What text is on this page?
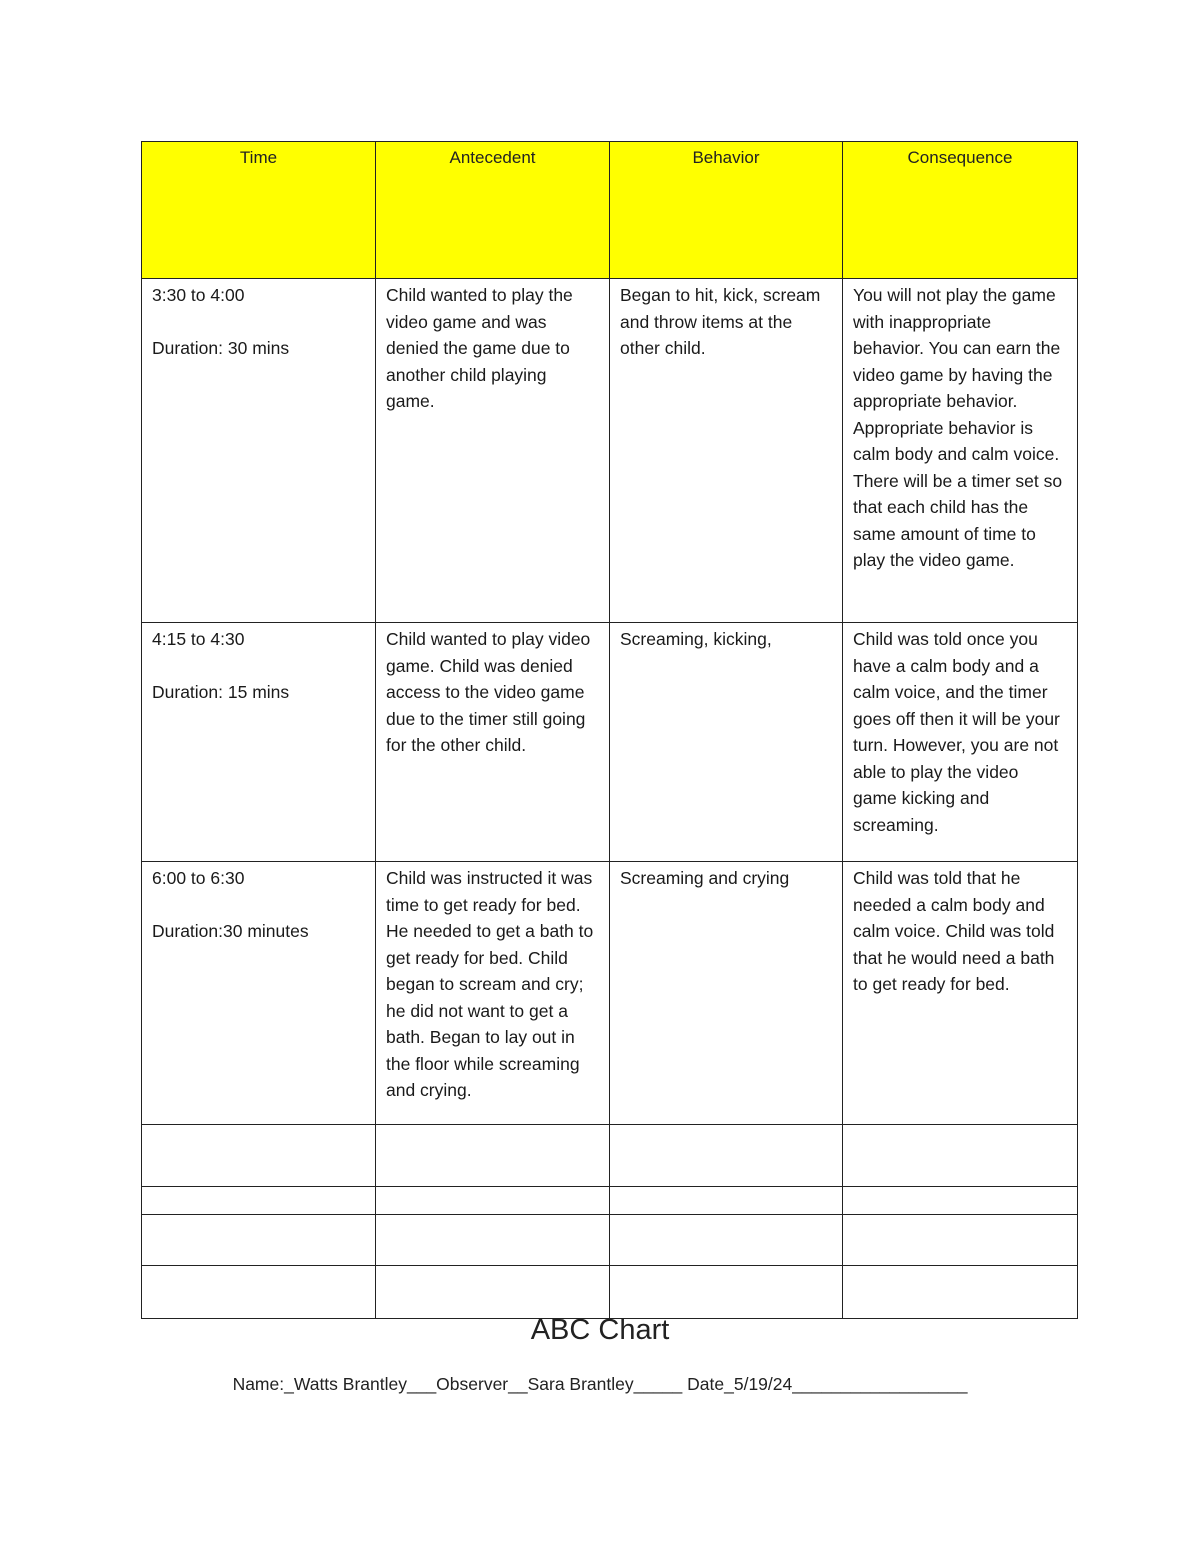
Time	Antecedent	Behavior	Consequence

3:30 to 4:00
Duration: 30 mins	Child wanted to play the video game and was denied the game due to another child playing game.	Began to hit, kick, scream and throw items at the other child.	You will not play the game with inappropriate behavior. You can earn the video game by having the appropriate behavior. Appropriate behavior is calm body and calm voice. There will be a timer set so that each child has the same amount of time to play the video game.

4:15 to 4:30
Duration: 15 mins	Child wanted to play video game. Child was denied access to the video game due to the timer still going for the other child.	Screaming, kicking,	Child was told once you have a calm body and a calm voice, and the timer goes off then it will be your turn. However, you are not able to play the video game kicking and screaming.

6:00 to 6:30
Duration:30 minutes	Child was instructed it was time to get ready for bed. He needed to get a bath to get ready for bed. Child began to scream and cry; he did not want to get a bath. Began to lay out in the floor while screaming and crying.	Screaming and crying	Child was told that he needed a calm body and calm voice. Child was told that he would need a bath to get ready for bed.

ABC Chart
Name:_Watts Brantley___Observer__Sara Brantley_____ Date_5/19/24__________________
